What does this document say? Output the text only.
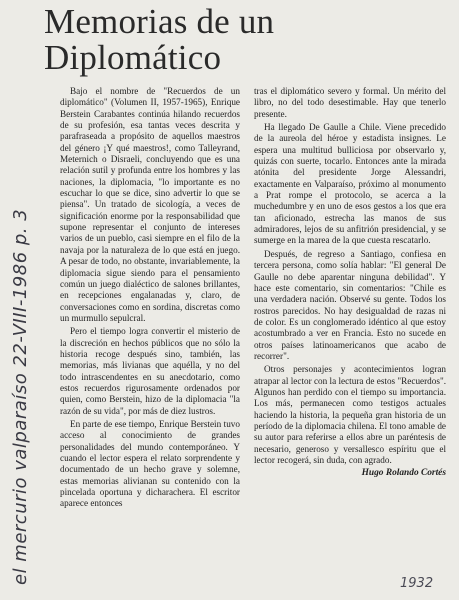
Memorias de un Diplomático

Bajo el nombre de "Recuerdos de un diplomático" (Volumen II, 1957-1965), Enrique Berstein Carabantes continúa hilando recuerdos de su profesión, esa tantas veces descrita y parafraseada a propósito de aquellos maestros del género ¡Y qué maestros!, como Talleyrand, Meternich o Disraeli, concluyendo que es una relación sutil y profunda entre los hombres y las naciones, la diplomacia, "lo importante es no escuchar lo que se dice, sino advertir lo que se piensa". Un tratado de sicología, a veces de significación enorme por la responsabilidad que supone representar el conjunto de intereses varios de un pueblo, casi siempre en el filo de la navaja por la naturaleza de lo que está en juego. A pesar de todo, no obstante, invariablemente, la diplomacia sigue siendo para el pensamiento común un juego dialéctico de salones brillantes, en recepciones engalanadas y, claro, de conversaciones como en sordina, discretas como un murmullo sepulcral.

Pero el tiempo logra convertir el misterio de la discreción en hechos públicos que no sólo la historia recoge después sino, también, las memorias, más livianas que aquélla, y no del todo intrascendentes en su anecdotario, como estos recuerdos rigurosamente ordenados por quien, como Berstein, hizo de la diplomacia "la razón de su vida", por más de diez lustros.

En parte de ese tiempo, Enrique Berstein tuvo acceso al conocimiento de grandes personalidades del mundo contemporáneo. Y cuando el lector espera el relato sorprendente y documentado de un hecho grave y solemne, estas memorias alivianan su contenido con la pincelada oportuna y dicharachera. El escritor aparece entonces

tras el diplomático severo y formal. Un mérito del libro, no del todo desestimable. Hay que tenerlo presente.

Ha llegado De Gaulle a Chile. Viene precedido de la aureola del héroe y estadista insignes. Le espera una multitud bulliciosa por observarlo y, quizás con suerte, tocarlo. Entonces ante la mirada atónita del presidente Jorge Alessandri, exactamente en Valparaíso, próximo al monumento a Prat rompe el protocolo, se acerca a la muchedumbre y en uno de esos gestos a los que era tan aficionado, estrecha las manos de sus admiradores, lejos de su anfitrión presidencial, y se sumerge en la marea de la que cuesta rescatarlo.

Después, de regreso a Santiago, confiesa en tercera persona, como solía hablar: "El general De Gaulle no debe aparentar ninguna debilidad". Y hace este comentario, sin comentarios: "Chile es una verdadera nación. Observé su gente. Todos los rostros parecidos. No hay desigualdad de razas ni de color. Es un conglomerado idéntico al que estoy acostumbrado a ver en Francia. Esto no sucede en otros países latinoamericanos que acabo de recorrer".

Otros personajes y acontecimientos logran atrapar al lector con la lectura de estos "Recuerdos". Algunos han perdido con el tiempo su importancia. Los más, permanecen como testigos actuales haciendo la historia, la pequeña gran historia de un período de la diplomacia chilena. El tono amable de su autor para referirse a ellos abre un paréntesis de necesario, generoso y versallesco espíritu que el lector recogerá, sin duda, con agrado.

Hugo Rolando Cortés

el mercurio valparaíso 22-VIII-1986 p. 3	1932
